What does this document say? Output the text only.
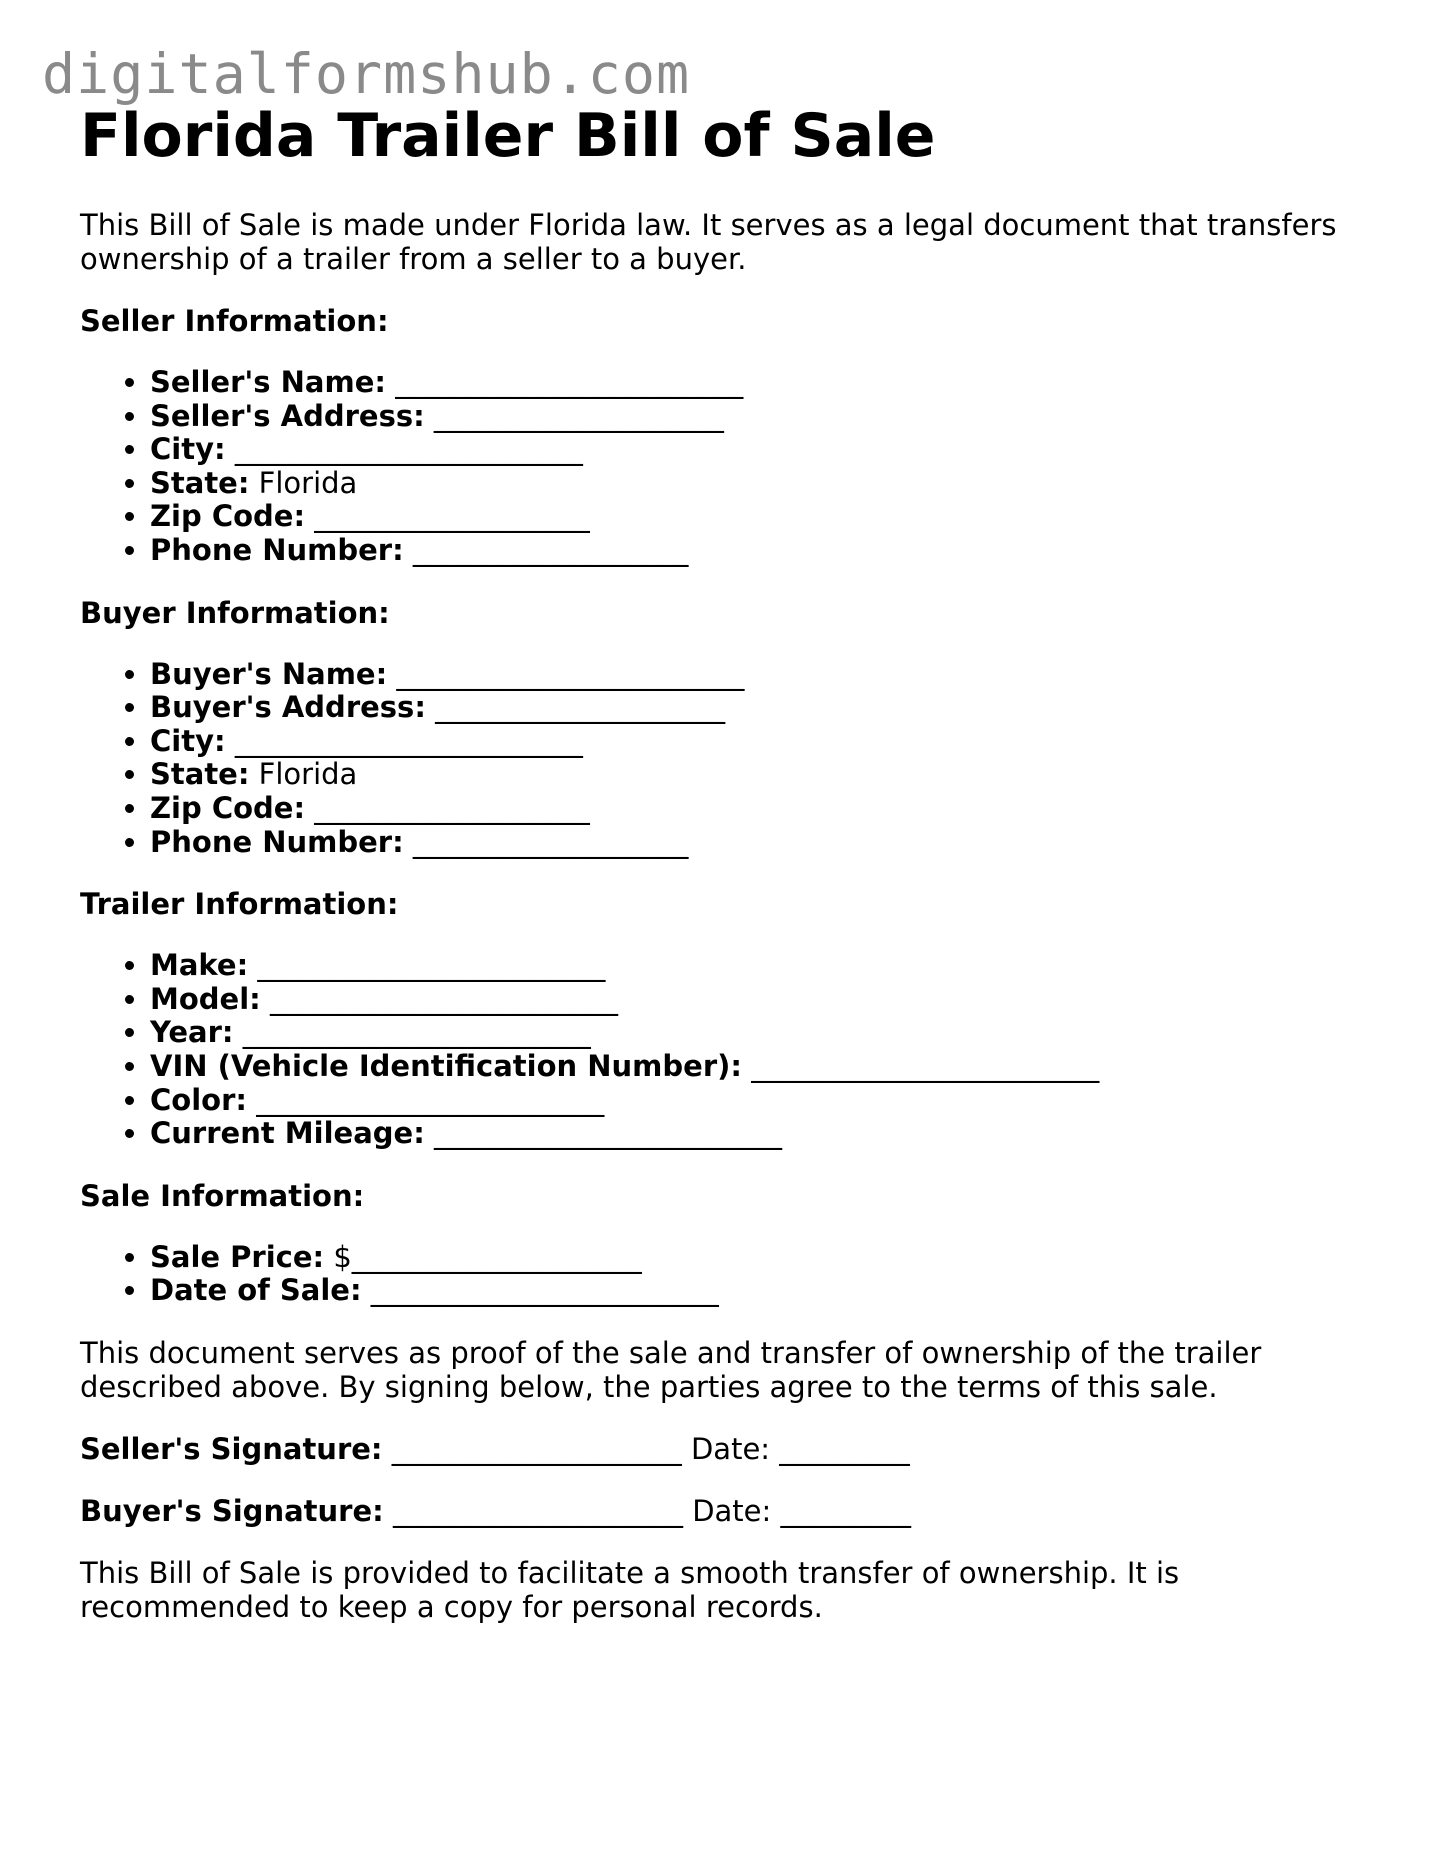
digitalformshub.com
Florida Trailer Bill of Sale

This Bill of Sale is made under Florida law. It serves as a legal document that transfers ownership of a trailer from a seller to a buyer.

Seller Information:
• Seller's Name: ________________________
• Seller's Address: ____________________
• City: ________________________
• State: Florida
• Zip Code: ___________________
• Phone Number: ___________________
Buyer Information:
• Buyer's Name: ________________________
• Buyer's Address: ____________________
• City: ________________________
• State: Florida
• Zip Code: ___________________
• Phone Number: ___________________
Trailer Information:
• Make: ________________________
• Model: ________________________
• Year: ________________________
• VIN (Vehicle Identification Number): ________________________
• Color: ________________________
• Current Mileage: ________________________
Sale Information:
• Sale Price: $____________________
• Date of Sale: ________________________

This document serves as proof of the sale and transfer of ownership of the trailer described above. By signing below, the parties agree to the terms of this sale.

Seller's Signature: ____________________ Date: _________
Buyer's Signature: ____________________ Date: _________

This Bill of Sale is provided to facilitate a smooth transfer of ownership. It is recommended to keep a copy for personal records.
